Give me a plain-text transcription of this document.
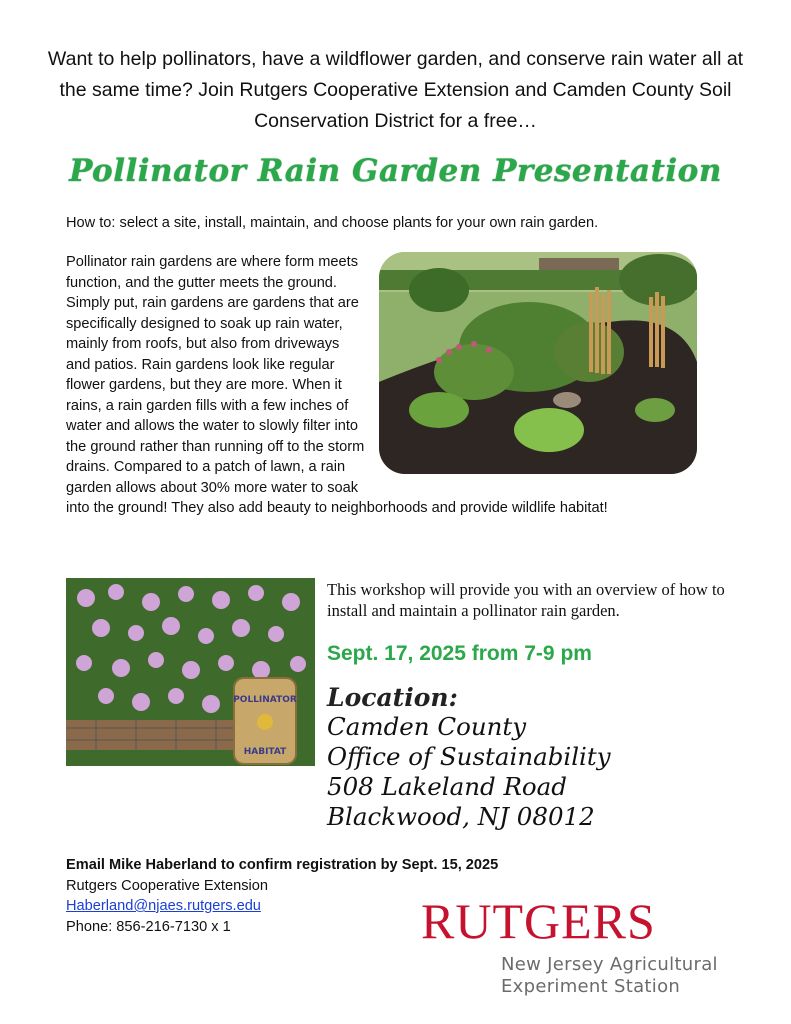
Want to help pollinators, have a wildflower garden, and conserve rain water all at the same time? Join Rutgers Cooperative Extension and Camden County Soil Conservation District for a free…
Pollinator Rain Garden Presentation
How to: select a site, install, maintain, and choose plants for your own rain garden.
Pollinator rain gardens are where form meets function, and the gutter meets the ground. Simply put, rain gardens are gardens that are specifically designed to soak up rain water, mainly from roofs, but also from driveways and patios. Rain gardens look like regular flower gardens, but they are more. When it rains, a rain garden fills with a few inches of water and allows the water to slowly filter into the ground rather than running off to the storm drains. Compared to a patch of lawn, a rain garden allows about 30% more water to soak into the ground! They also add beauty to neighborhoods and provide wildlife habitat!
POLLINATOR
HABITAT
This workshop will provide you with an overview of how to install and maintain a pollinator rain garden.
Sept. 17, 2025 from 7-9 pm
Location:
Camden County
Office of Sustainability
508 Lakeland Road
Blackwood, NJ 08012
Email Mike Haberland to confirm registration by Sept. 15, 2025
Rutgers Cooperative Extension
Haberland@njaes.rutgers.edu
Phone: 856-216-7130 x 1	RUTGERS
New Jersey Agricultural
Experiment Station
